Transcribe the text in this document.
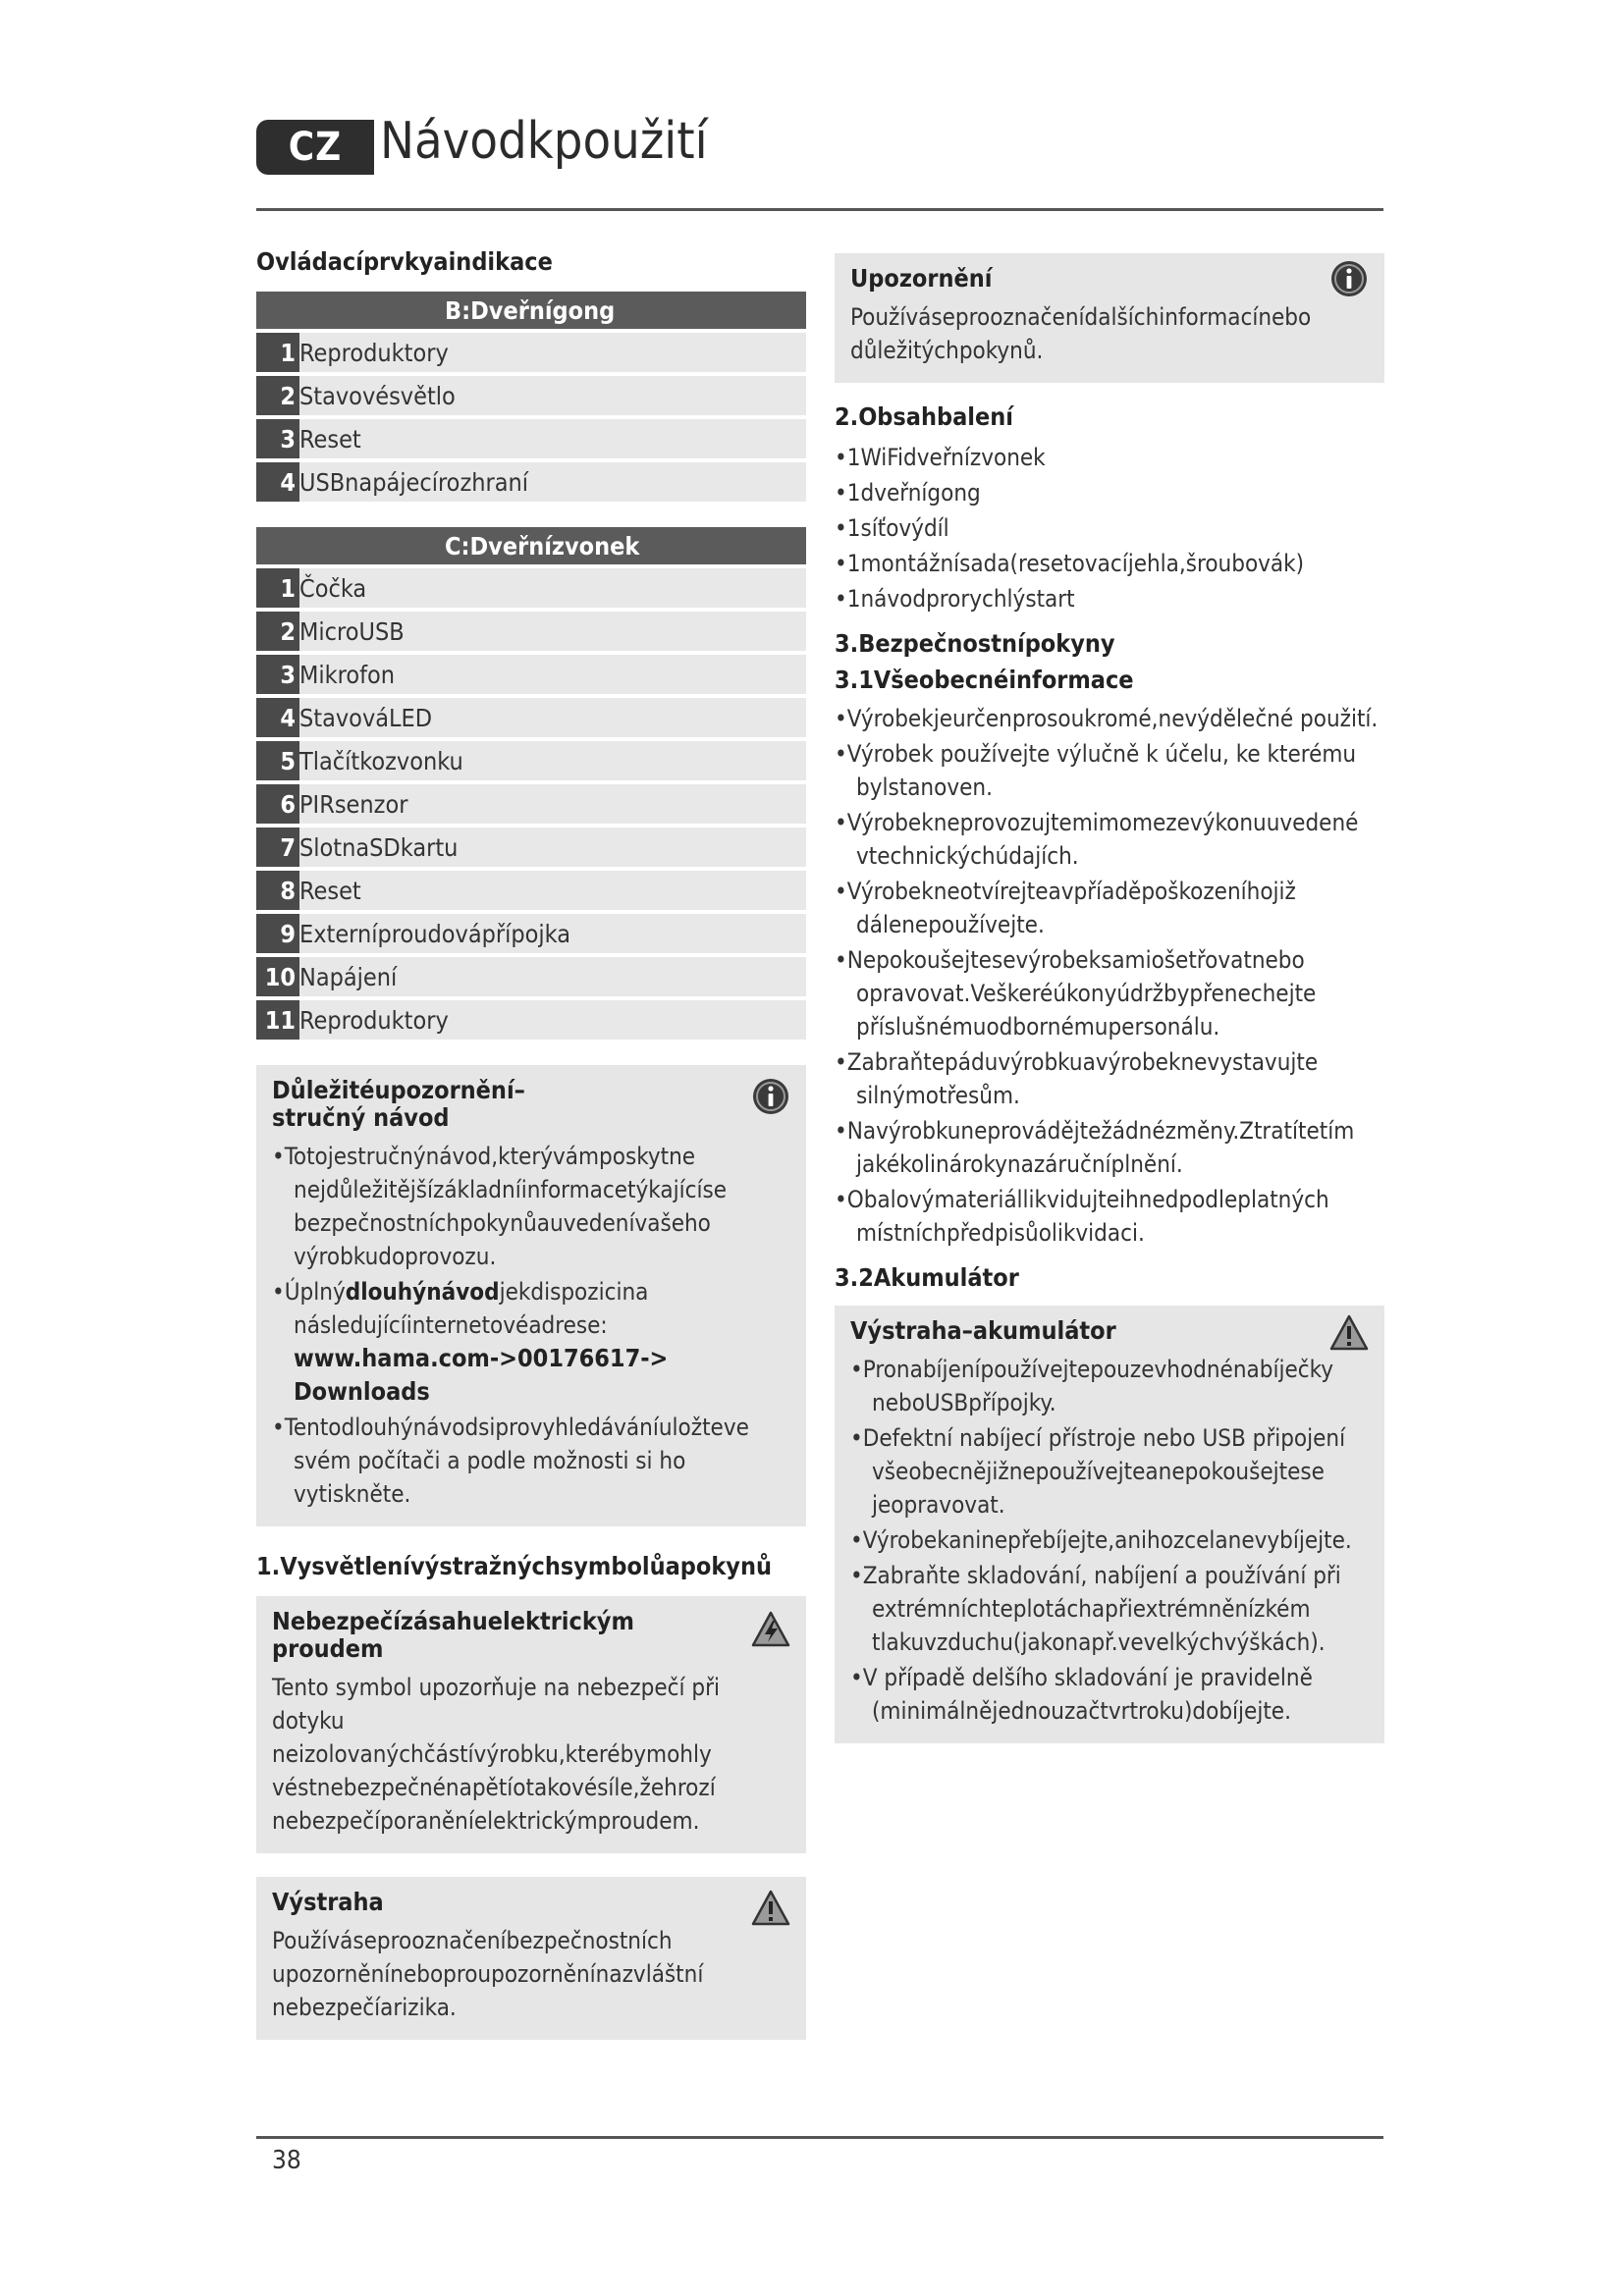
CZ Návodkpoužití
Ovládacíprvkyaindikace
B:Dveřnígong
1 Reproduktory
2 Stavovésvětlo
3 Reset
4 USBnapájecírozhraní
C:Dveřnízvonek
1 Čočka
2 MicroUSB
3 Mikrofon
4 StavováLED
5 Tlačítkozvonku
6 PIRsenzor
7 SlotnaSDkartu
8 Reset
9 Externíproudovápřípojka
10 Napájení
11 Reproduktory
Důležitéupozornění–stručný návod
•Totojestručnýnávod,kterývámposkytne nejdůležitějšízákladníinformacetýkajícíse bezpečnostníchpokynůauvedenívašeho výrobkudoprovozu.
•Úplnýdlouhýnávodjekdispozicina následujícíinternetovéadrese:
www.hama.com->00176617-> Downloads
•Tentodlouhýnávodsiprovyhledáváníuložteve svém počítači a podle možnosti si ho vytiskněte.
1.Vysvětlenívýstražnýchsymbolůapokynů
Nebezpečízásahuelektrickým proudem
Tento symbol upozorňuje na nebezpečí při dotyku neizolovanýchčástívýrobku,kterébymohly véstnebezpečnénapětíotakovésíle,žehrozí nebezpečíporaněníelektrickýmproudem.
Výstraha
Používáseprooznačeníbezpečnostních upozorněníneboproupozorněnínazvláštní nebezpečíarizika.
Upozornění
Používáseprooznačenídalšíchinformacínebo důležitýchpokynů.
2.Obsahbalení
•1WiFidveřnízvonek
•1dveřnígong
•1síťovýdíl
•1montážnísada(resetovacíjehla,šroubovák)
•1návodprorychlýstart
3.Bezpečnostnípokyny
3.1Všeobecnéinformace
•Výrobekjeurčenprosoukromé,nevýdělečné použití.
•Výrobek používejte výlučně k účelu, ke kterému bylstanoven.
•Výrobekneprovozujtemimomezevýkonuuvedené vtechnickýchúdajích.
•Výrobekneotvírejteavpříaděpoškozeníhojiž dálenepoužívejte.
•Nepokoušejtesevýrobeksamiošetřovatnebo opravovat.Veškeréúkonyúdržbypřenechejte příslušnémuodbornémupersonálu.
•Zabraňtepáduvýrobkuavýrobeknevystavujte silnýmotřesům.
•Navýrobkuneprovádějtežádnézměny.Ztratítetím jakékolinárokynazáručníplnění.
•Obalovýmateriállikvidujteihnedpodleplatných místníchpředpisůolikvidaci.
3.2Akumulátor
Výstraha–akumulátor
•Pronabíjenípoužívejtepouzevhodnénabíječky neboUSBpřípojky.
•Defektní nabíjecí přístroje nebo USB připojení všeobecnějižnepoužívejteanepokoušejtese jeopravovat.
•Výrobekaninepřebíjejte,anihozcelanevybíjejte.
•Zabraňte skladování, nabíjení a používání při extrémníchteplotáchapřiextrémněnízkém tlakuvzduchu(jakonapř.vevelkýchvýškách).
•V případě delšího skladování je pravidelně (minimálnějednouzačtvrtroku)dobíjejte.
38
